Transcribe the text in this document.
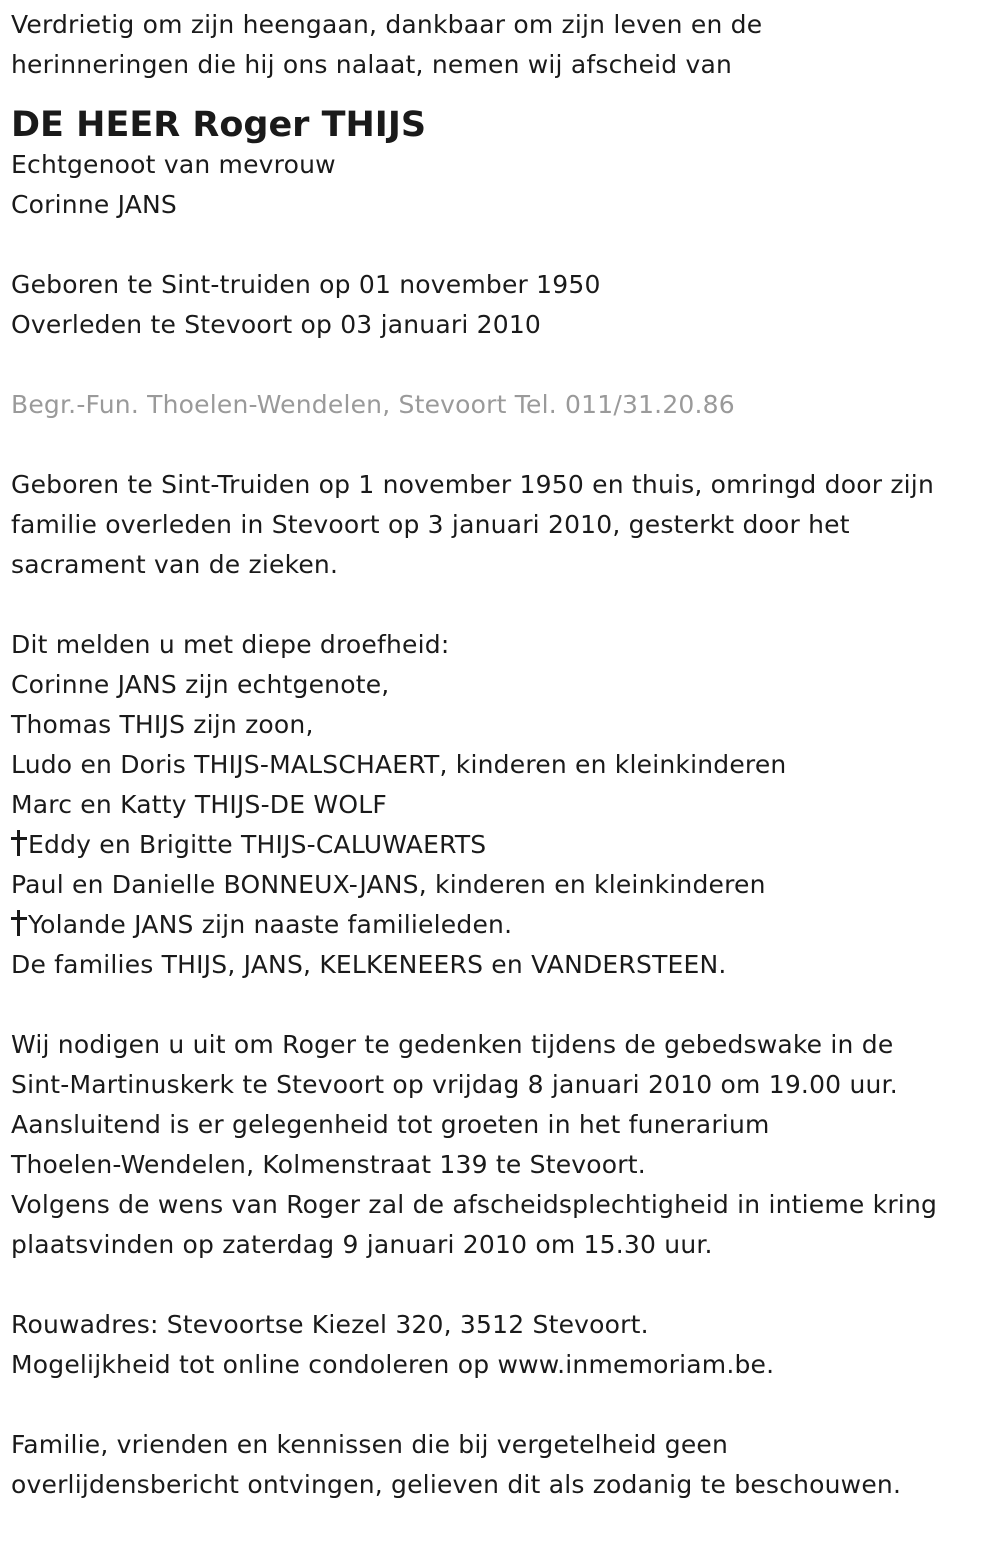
Verdrietig om zijn heengaan, dankbaar om zijn leven en de
herinneringen die hij ons nalaat, nemen wij afscheid van
DE HEER Roger THIJS
Echtgenoot van mevrouw
Corinne JANS
Geboren te Sint-truiden op 01 november 1950
Overleden te Stevoort op 03 januari 2010
Begr.-Fun. Thoelen-Wendelen, Stevoort Tel. 011/31.20.86
Geboren te Sint-Truiden op 1 november 1950 en thuis, omringd door zijn
familie overleden in Stevoort op 3 januari 2010, gesterkt door het
sacrament van de zieken.
Dit melden u met diepe droefheid:
Corinne JANS zijn echtgenote,
Thomas THIJS zijn zoon,
Ludo en Doris THIJS-MALSCHAERT, kinderen en kleinkinderen
Marc en Katty THIJS-DE WOLF
Eddy en Brigitte THIJS-CALUWAERTS
Paul en Danielle BONNEUX-JANS, kinderen en kleinkinderen
Yolande JANS zijn naaste familieleden.
De families THIJS, JANS, KELKENEERS en VANDERSTEEN.
Wij nodigen u uit om Roger te gedenken tijdens de gebedswake in de
Sint-Martinuskerk te Stevoort op vrijdag 8 januari 2010 om 19.00 uur.
Aansluitend is er gelegenheid tot groeten in het funerarium
Thoelen-Wendelen, Kolmenstraat 139 te Stevoort.
Volgens de wens van Roger zal de afscheidsplechtigheid in intieme kring
plaatsvinden op zaterdag 9 januari 2010 om 15.30 uur.
Rouwadres: Stevoortse Kiezel 320, 3512 Stevoort.
Mogelijkheid tot online condoleren op www.inmemoriam.be.
Familie, vrienden en kennissen die bij vergetelheid geen
overlijdensbericht ontvingen, gelieven dit als zodanig te beschouwen.
